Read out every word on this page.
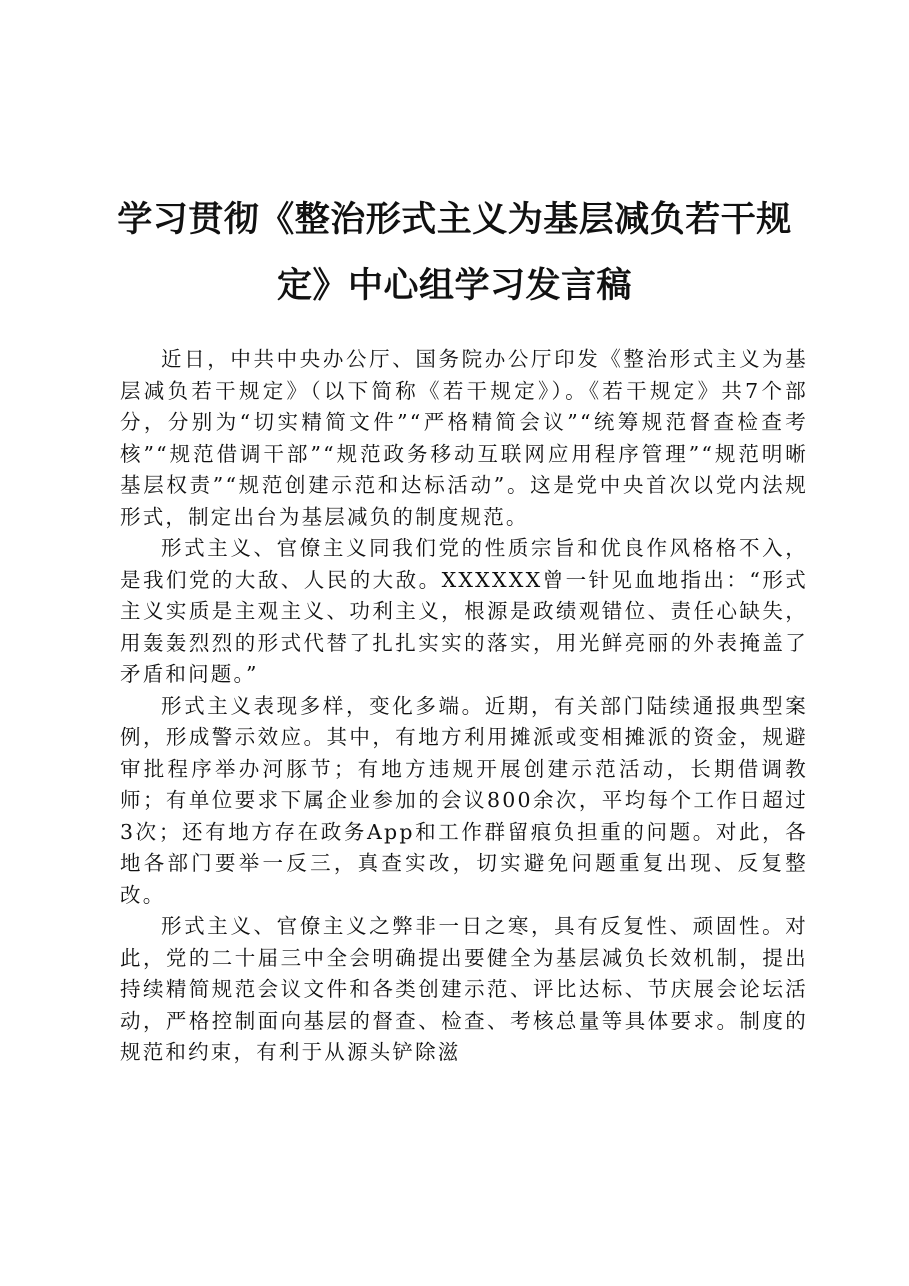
学习贯彻《整治形式主义为基层减负若干规
定》中心组学习发言稿

近日，中共中央办公厅、国务院办公厅印发《整治形式主义为基层减负若干规定》（以下简称《若干规定》）。《若干规定》共7个部分，分别为“切实精简文件”“严格精简会议”“统筹规范督查检查考核”“规范借调干部”“规范政务移动互联网应用程序管理”“规范明晰基层权责”“规范创建示范和达标活动”。这是党中央首次以党内法规形式，制定出台为基层减负的制度规范。

形式主义、官僚主义同我们党的性质宗旨和优良作风格格不入，是我们党的大敌、人民的大敌。XXXXXX曾一针见血地指出：“形式主义实质是主观主义、功利主义，根源是政绩观错位、责任心缺失，用轰轰烈烈的形式代替了扎扎实实的落实，用光鲜亮丽的外表掩盖了矛盾和问题。”

形式主义表现多样，变化多端。近期，有关部门陆续通报典型案例，形成警示效应。其中，有地方利用摊派或变相摊派的资金，规避审批程序举办河豚节；有地方违规开展创建示范活动，长期借调教师；有单位要求下属企业参加的会议800余次，平均每个工作日超过3次；还有地方存在政务App和工作群留痕负担重的问题。对此，各地各部门要举一反三，真查实改，切实避免问题重复出现、反复整改。

形式主义、官僚主义之弊非一日之寒，具有反复性、顽固性。对此，党的二十届三中全会明确提出要健全为基层减负长效机制，提出持续精简规范会议文件和各类创建示范、评比达标、节庆展会论坛活动，严格控制面向基层的督查、检查、考核总量等具体要求。制度的规范和约束，有利于从源头铲除滋
